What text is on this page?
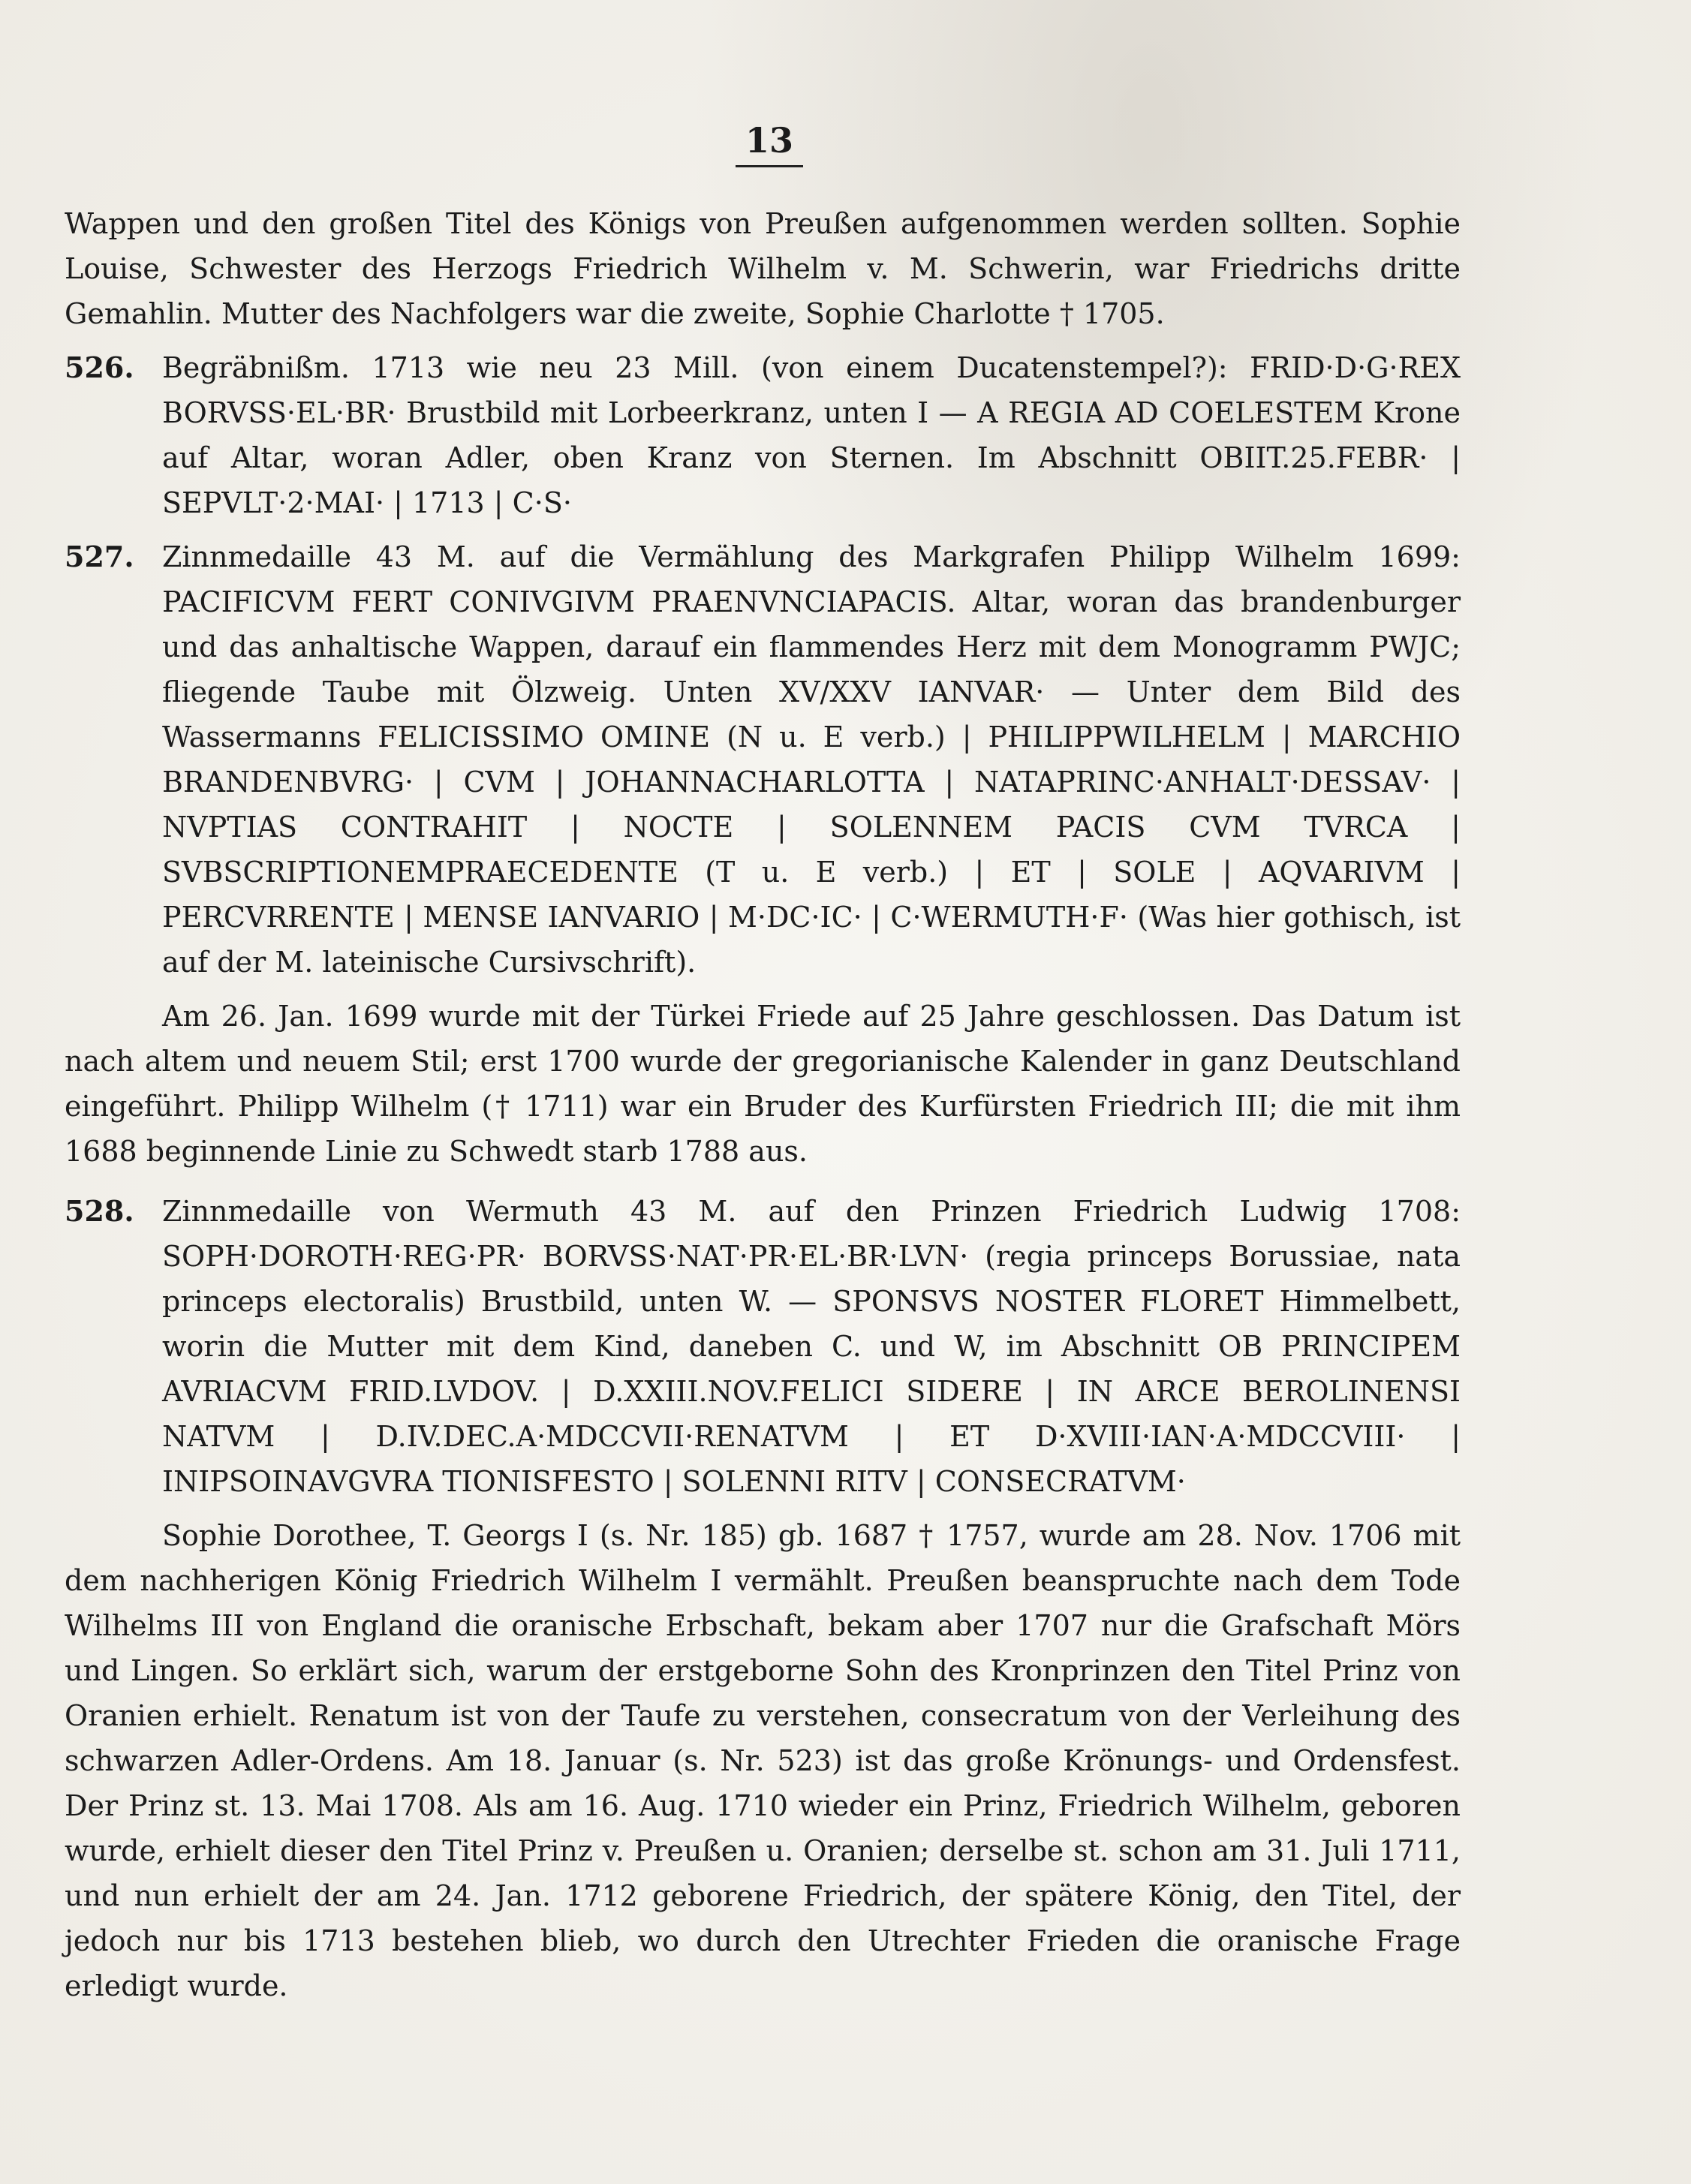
13

Wappen und den großen Titel des Königs von Preußen aufgenommen werden sollten. Sophie Louise, Schwester des Herzogs Friedrich Wilhelm v. M. Schwerin, war Friedrichs dritte Gemahlin. Mutter des Nachfolgers war die zweite, Sophie Charlotte † 1705.

526. Begräbnißm. 1713 wie neu 23 Mill. (von einem Ducatenstempel?): FRID·D·G·REX BORVSS·EL·BR· Brustbild mit Lorbeerkranz, unten I — A REGIA AD COELESTEM Krone auf Altar, woran Adler, oben Kranz von Sternen. Im Abschnitt OBIIT.25.FEBR· | SEPVLT·2·MAI· | 1713 | C·S·
527. Zinnmedaille 43 M. auf die Vermählung des Markgrafen Philipp Wilhelm 1699: PACIFICVM FERT CONIVGIVM PRAENVNCIAPACIS. Altar, woran das brandenburger und das anhaltische Wappen, darauf ein flammendes Herz mit dem Monogramm PWJC; fliegende Taube mit Ölzweig. Unten XV/XXV IANVAR· — Unter dem Bild des Wassermanns FELICISSIMO OMINE (N u. E verb.) | PHILIPPWILHELM | MARCHIO BRANDENBVRG· | CVM | JOHANNACHARLOTTA | NATAPRINC·ANHALT·DESSAV· | NVPTIAS CONTRAHIT | NOCTE | SOLENNEM PACIS CVM TVRCA | SVBSCRIPTIONEMPRAECEDENTE (T u. E verb.) | ET | SOLE | AQVARIVM | PERCVRRENTE | MENSE IANVARIO | M·DC·IC· | C·WERMUTH·F· (Was hier gothisch, ist auf der M. lateinische Cursivschrift).

Am 26. Jan. 1699 wurde mit der Türkei Friede auf 25 Jahre geschlossen. Das Datum ist nach altem und neuem Stil; erst 1700 wurde der gregorianische Kalender in ganz Deutschland eingeführt. Philipp Wilhelm († 1711) war ein Bruder des Kurfürsten Friedrich III; die mit ihm 1688 beginnende Linie zu Schwedt starb 1788 aus.

528. Zinnmedaille von Wermuth 43 M. auf den Prinzen Friedrich Ludwig 1708: SOPH·DOROTH·REG·PR· BORVSS·NAT·PR·EL·BR·LVN· (regia princeps Borussiae, nata princeps electoralis) Brustbild, unten W. — SPONSVS NOSTER FLORET Himmelbett, worin die Mutter mit dem Kind, daneben C. und W, im Abschnitt OB PRINCIPEM AVRIACVM FRID.LVDOV. | D.XXIII.NOV.FELICI SIDERE | IN ARCE BEROLINENSI NATVM | D.IV.DEC.A·MDCCVII·RENATVM | ET D·XVIII·IAN·A·MDCCVIII· | INIPSOINAVGVRA TIONISFESTO | SOLENNI RITV | CONSECRATVM·

Sophie Dorothee, T. Georgs I (s. Nr. 185) gb. 1687 † 1757, wurde am 28. Nov. 1706 mit dem nachherigen König Friedrich Wilhelm I vermählt. Preußen beanspruchte nach dem Tode Wilhelms III von England die oranische Erbschaft, bekam aber 1707 nur die Grafschaft Mörs und Lingen. So erklärt sich, warum der erstgeborne Sohn des Kronprinzen den Titel Prinz von Oranien erhielt. Renatum ist von der Taufe zu verstehen, consecratum von der Verleihung des schwarzen Adler-Ordens. Am 18. Januar (s. Nr. 523) ist das große Krönungs- und Ordensfest. Der Prinz st. 13. Mai 1708. Als am 16. Aug. 1710 wieder ein Prinz, Friedrich Wilhelm, geboren wurde, erhielt dieser den Titel Prinz v. Preußen u. Oranien; derselbe st. schon am 31. Juli 1711, und nun erhielt der am 24. Jan. 1712 geborene Friedrich, der spätere König, den Titel, der jedoch nur bis 1713 bestehen blieb, wo durch den Utrechter Frieden die oranische Frage erledigt wurde.
